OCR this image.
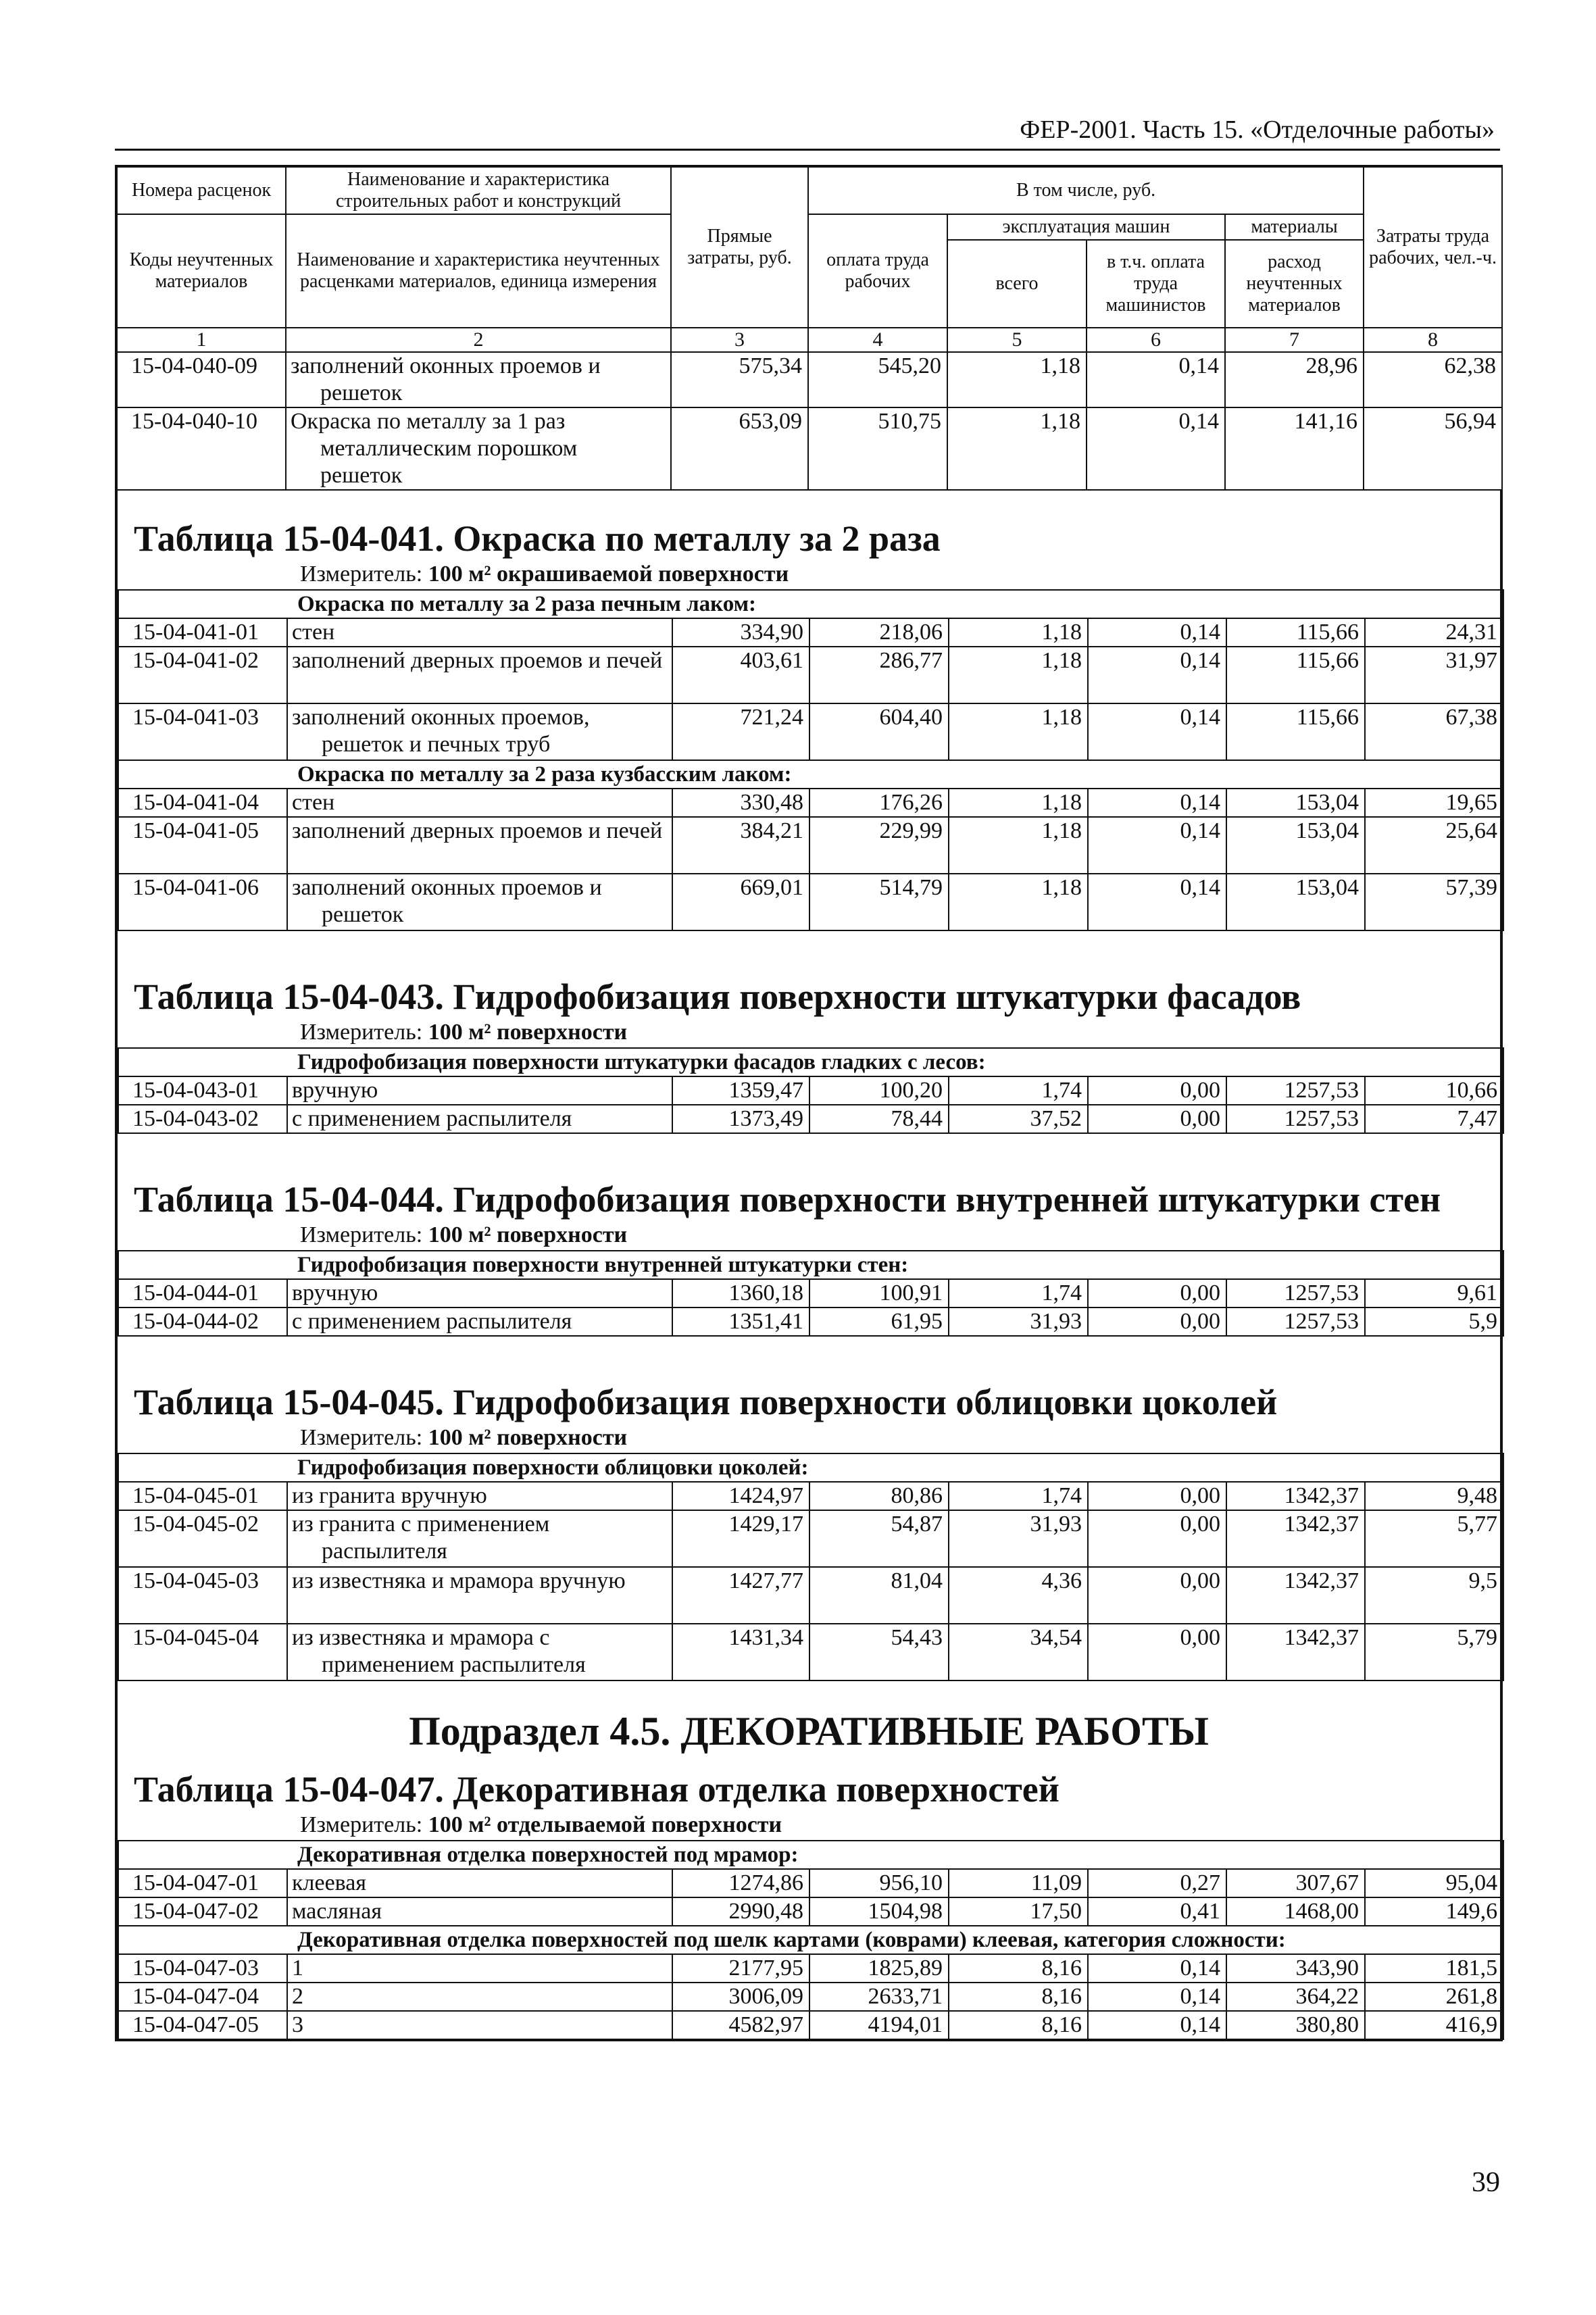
ФЕР-2001. Часть 15. «Отделочные работы»
Номера расценок	Наименование и характеристика строительных работ и конструкций	Прямые затраты, руб.	В том числе, руб.				Затраты труда рабочих, чел.-ч.
Коды неучтенных материалов	Наименование и характеристика неучтенных расценками материалов, единица измерения		оплата труда рабочих	эксплуатация машин		материалы	
				всего	в т.ч. оплата труда машинистов	расход неучтенных материалов	
1	2	3	4	5	6	7	8
15-04-040-09	заполнений оконных проемов и решеток	575,34	545,20	1,18	0,14	28,96	62,38
15-04-040-10	Окраска по металлу за 1 раз металлическим порошком решеток	653,09	510,75	1,18	0,14	141,16	56,94
Таблица 15-04-041. Окраска по металлу за 2 раза
Измеритель: 100 м² окрашиваемой поверхности
Окраска по металлу за 2 раза печным лаком:							
15-04-041-01	стен	334,90	218,06	1,18	0,14	115,66	24,31
15-04-041-02	заполнений дверных проемов и печей	403,61	286,77	1,18	0,14	115,66	31,97
15-04-041-03	заполнений оконных проемов, решеток и печных труб	721,24	604,40	1,18	0,14	115,66	67,38
Окраска по металлу за 2 раза кузбасским лаком:							
15-04-041-04	стен	330,48	176,26	1,18	0,14	153,04	19,65
15-04-041-05	заполнений дверных проемов и печей	384,21	229,99	1,18	0,14	153,04	25,64
15-04-041-06	заполнений оконных проемов и решеток	669,01	514,79	1,18	0,14	153,04	57,39
Таблица 15-04-043. Гидрофобизация поверхности штукатурки фасадов
Измеритель: 100 м² поверхности
Гидрофобизация поверхности штукатурки фасадов гладких с лесов:							
15-04-043-01	вручную	1359,47	100,20	1,74	0,00	1257,53	10,66
15-04-043-02	с применением распылителя	1373,49	78,44	37,52	0,00	1257,53	7,47
Таблица 15-04-044. Гидрофобизация поверхности внутренней штукатурки стен
Измеритель: 100 м² поверхности
Гидрофобизация поверхности внутренней штукатурки стен:							
15-04-044-01	вручную	1360,18	100,91	1,74	0,00	1257,53	9,61
15-04-044-02	с применением распылителя	1351,41	61,95	31,93	0,00	1257,53	5,9
Таблица 15-04-045. Гидрофобизация поверхности облицовки цоколей
Измеритель: 100 м² поверхности
Гидрофобизация поверхности облицовки цоколей:							
15-04-045-01	из гранита вручную	1424,97	80,86	1,74	0,00	1342,37	9,48
15-04-045-02	из гранита с применением распылителя	1429,17	54,87	31,93	0,00	1342,37	5,77
15-04-045-03	из известняка и мрамора вручную	1427,77	81,04	4,36	0,00	1342,37	9,5
15-04-045-04	из известняка и мрамора с применением распылителя	1431,34	54,43	34,54	0,00	1342,37	5,79
Подраздел 4.5. ДЕКОРАТИВНЫЕ РАБОТЫ
Таблица 15-04-047. Декоративная отделка поверхностей
Измеритель: 100 м² отделываемой поверхности
Декоративная отделка поверхностей под мрамор:							
15-04-047-01	клеевая	1274,86	956,10	11,09	0,27	307,67	95,04
15-04-047-02	масляная	2990,48	1504,98	17,50	0,41	1468,00	149,6
Декоративная отделка поверхностей под шелк картами (коврами) клеевая, категория сложности:							
15-04-047-03	1	2177,95	1825,89	8,16	0,14	343,90	181,5
15-04-047-04	2	3006,09	2633,71	8,16	0,14	364,22	261,8
15-04-047-05	3	4582,97	4194,01	8,16	0,14	380,80	416,9
39
